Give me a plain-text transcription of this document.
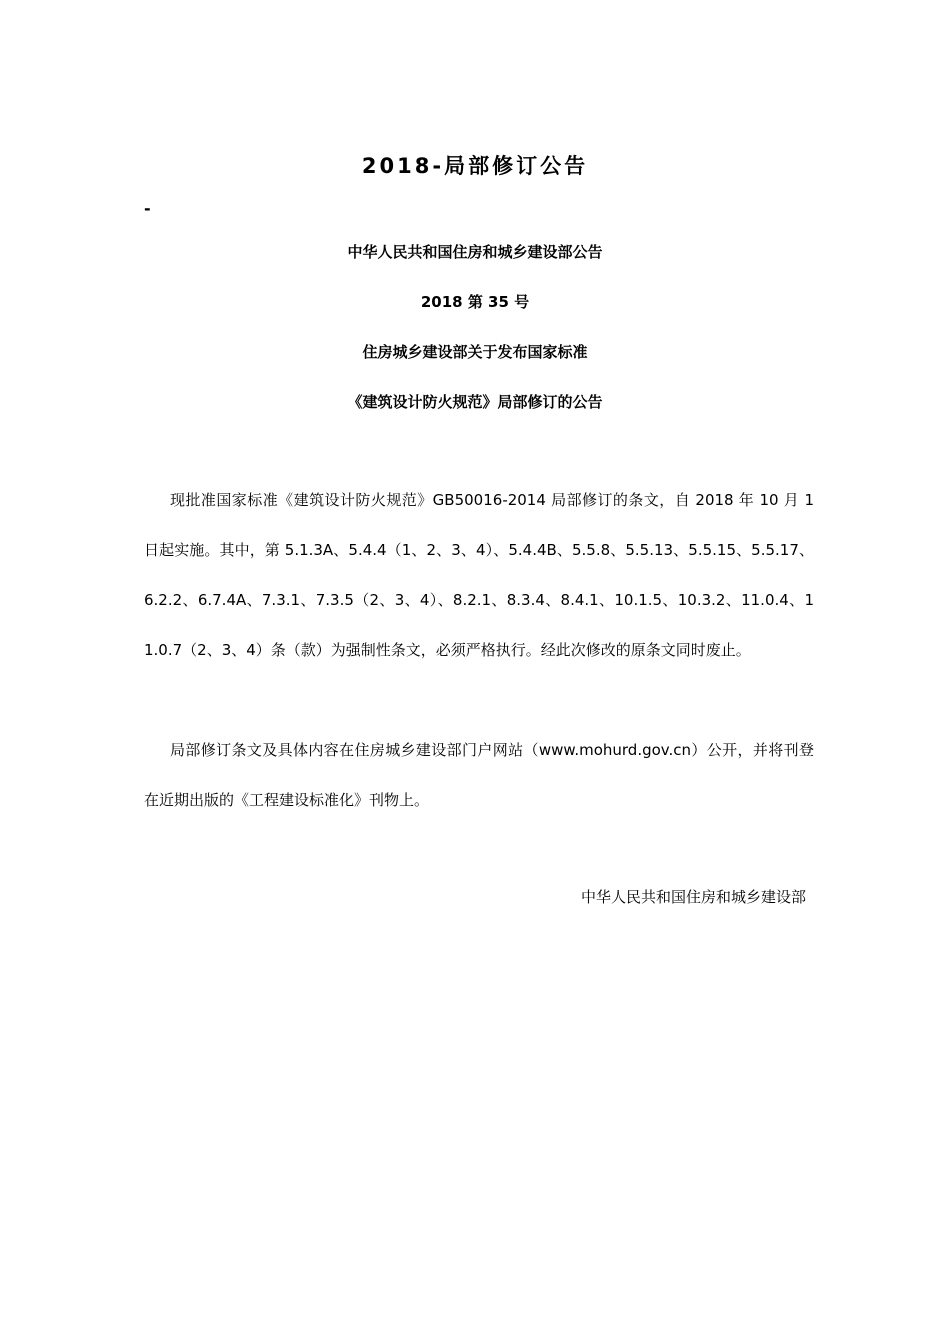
2018-局部修订公告
-
中华人民共和国住房和城乡建设部公告
2018 第 35 号
住房城乡建设部关于发布国家标准
《建筑设计防火规范》局部修订的公告

现批准国家标准《建筑设计防火规范》GB50016-2014 局部修订的条文，自 2018 年 10 月 1 日起实施。其中，第 5.1.3A、5.4.4（1、2、3、4）、5.4.4B、5.5.8、5.5.13、5.5.15、5.5.17、6.2.2、6.7.4A、7.3.1、7.3.5（2、3、4）、8.2.1、8.3.4、8.4.1、10.1.5、10.3.2、11.0.4、11.0.7（2、3、4）条（款）为强制性条文，必须严格执行。经此次修改的原条文同时废止。

局部修订条文及具体内容在住房城乡建设部门户网站（www.mohurd.gov.cn）公开，并将刊登在近期出版的《工程建设标准化》刊物上。

中华人民共和国住房和城乡建设部
